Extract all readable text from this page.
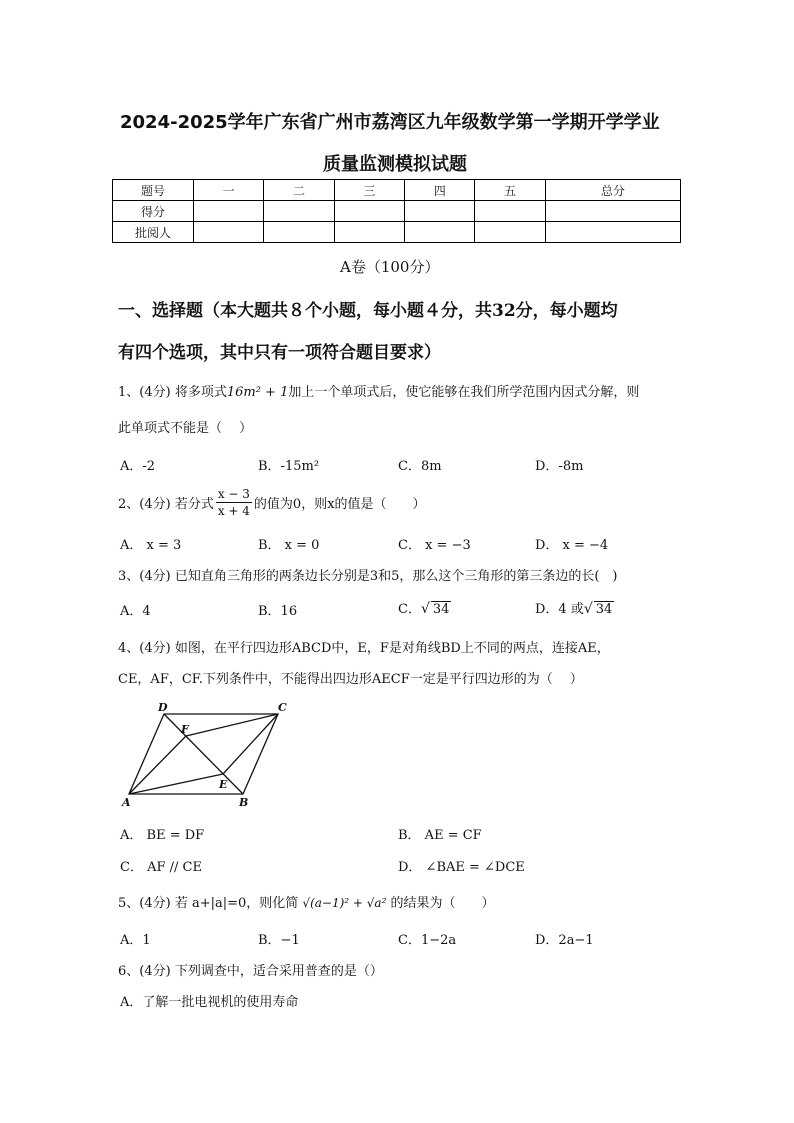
2024-2025学年广东省广州市荔湾区九年级数学第一学期开学学业
质量监测模拟试题
题号	一	二	三	四	五	总分
得分						
批阅人						
A卷（100分）
一、选择题（本大题共８个小题，每小题４分，共32分，每小题均
有四个选项，其中只有一项符合题目要求）
1、(4分) 将多项式16m² + 1加上一个单项式后，使它能够在我们所学范围内因式分解，则
此单项式不能是（　 ）
A．-2	B．-15m²	C．8m	D．-8m
2、(4分) 若分式 $\frac{x - 3}{x + 4}$ 的值为0，则x的值是（　　）
A． x = 3	B． x = 0	C． x = −3	D． x = −4
3、(4分) 已知直角三角形的两条边长分别是3和5，那么这个三角形的第三条边的长(　)
A．4	B．16	C．√ 34	D．4 或√ 34
4、(4分) 如图，在平行四边形ABCD中，E，F是对角线BD上不同的两点，连接AE，
CE，AF，CF.下列条件中，不能得出四边形AECF一定是平行四边形的为（　 ）
D	C
F
E
A	B
A． BE = DF	B． AE = CF
C． AF // CE	D． ∠BAE = ∠DCE
5、(4分) 若 a+|a|=0，则化简 √(a−1)² + √a² 的结果为（　　）
A．1	B．−1	C．1−2a	D．2a−1
6、(4分) 下列调查中，适合采用普查的是（）
A．了解一批电视机的使用寿命
